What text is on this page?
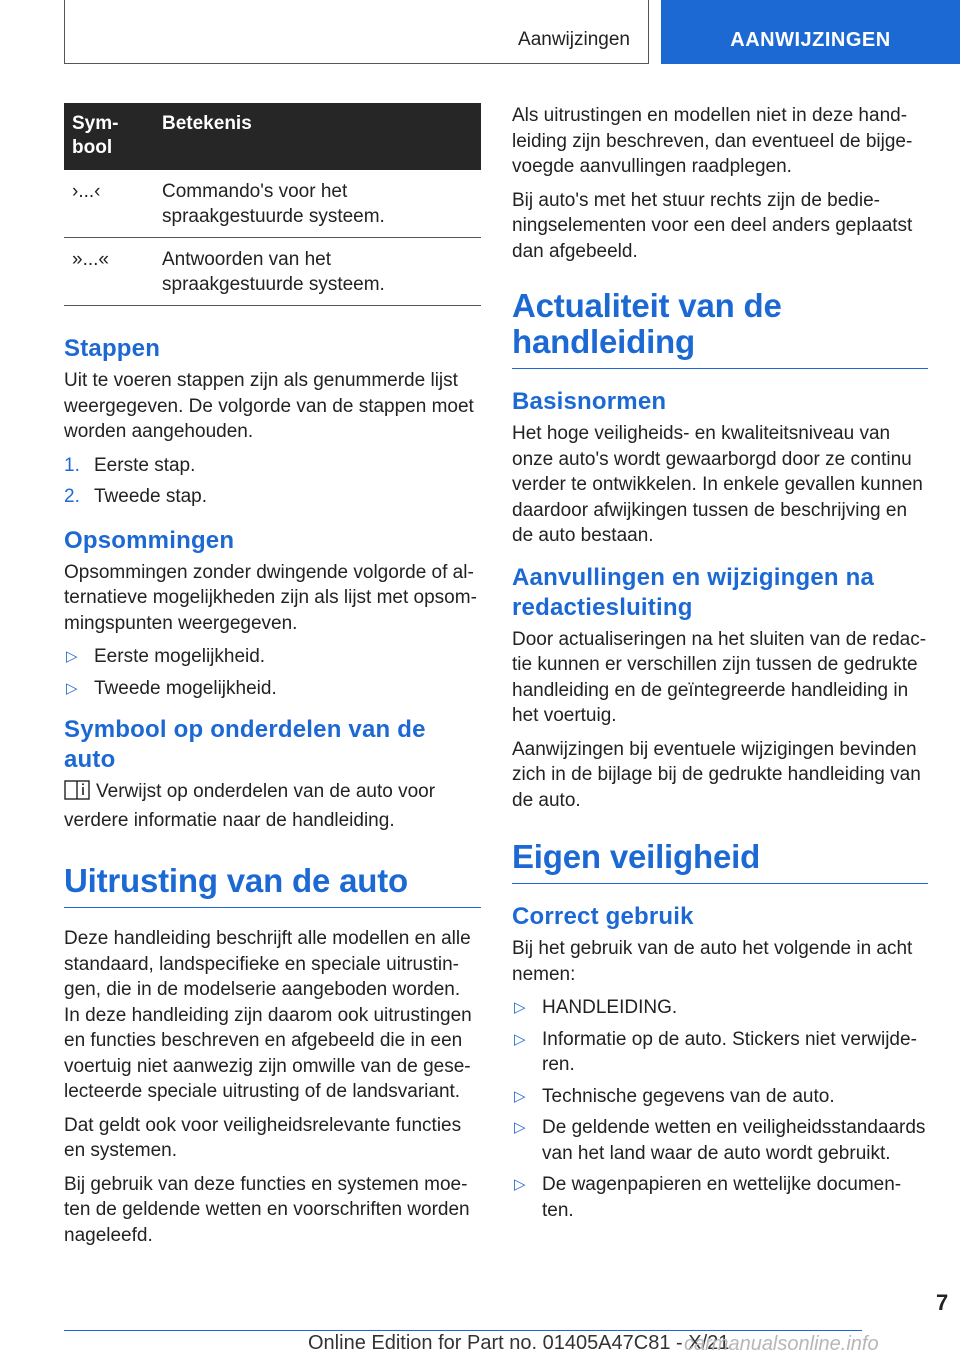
Aanwijzingen	AANWIJZINGEN
Sym‐
bool	Betekenis
›...‹	Commando's voor het
spraakgestuurde systeem.
»...«	Antwoorden van het
spraakgestuurde systeem.
Stappen

Uit te voeren stappen zijn als genummerde lijst weergegeven. De volgorde van de stappen moet worden aangehouden.

1. Eerste stap.
2. Tweede stap.
Opsommingen

Opsommingen zonder dwingende volgorde of al‐ ternatieve mogelijkheden zijn als lijst met opsom‐ mingspunten weergegeven.

▷ Eerste mogelijkheid.
▷ Tweede mogelijkheid.
Symbool op onderdelen van de auto

Verwijst op onderdelen van de auto voor verdere informatie naar de handleiding.

Uitrusting van de auto

Deze handleiding beschrijft alle modellen en alle standaard, landspecifieke en speciale uitrustin‐ gen, die in de modelserie aangeboden worden. In deze handleiding zijn daarom ook uitrustingen en functies beschreven en afgebeeld die in een voertuig niet aanwezig zijn omwille van de gese‐ lecteerde speciale uitrusting of de landsvariant.

Dat geldt ook voor veiligheidsrelevante functies en systemen.

Bij gebruik van deze functies en systemen moe‐ ten de geldende wetten en voorschriften worden nageleefd.

Als uitrustingen en modellen niet in deze hand‐ leiding zijn beschreven, dan eventueel de bijge‐ voegde aanvullingen raadplegen.

Bij auto's met het stuur rechts zijn de bedie‐ ningselementen voor een deel anders geplaatst dan afgebeeld.

Actualiteit van de handleiding
Basisnormen

Het hoge veiligheids- en kwaliteitsniveau van onze auto's wordt gewaarborgd door ze continu verder te ontwikkelen. In enkele gevallen kunnen daardoor afwijkingen tussen de beschrijving en de auto bestaan.

Aanvullingen en wijzigingen na redactiesluiting

Door actualiseringen na het sluiten van de redac‐ tie kunnen er verschillen zijn tussen de gedrukte handleiding en de geïntegreerde handleiding in het voertuig.

Aanwijzingen bij eventuele wijzigingen bevinden zich in de bijlage bij de gedrukte handleiding van de auto.

Eigen veiligheid
Correct gebruik

Bij het gebruik van de auto het volgende in acht nemen:

▷ HANDLEIDING.
▷ Informatie op de auto. Stickers niet verwijde‐ ren.
▷ Technische gegevens van de auto.
▷ De geldende wetten en veiligheidsstandaards van het land waar de auto wordt gebruikt.
▷ De wagenpapieren en wettelijke documen‐ ten.
7
Online Edition for Part no. 01405A47C81 - X/21
carmanualsonline.info
